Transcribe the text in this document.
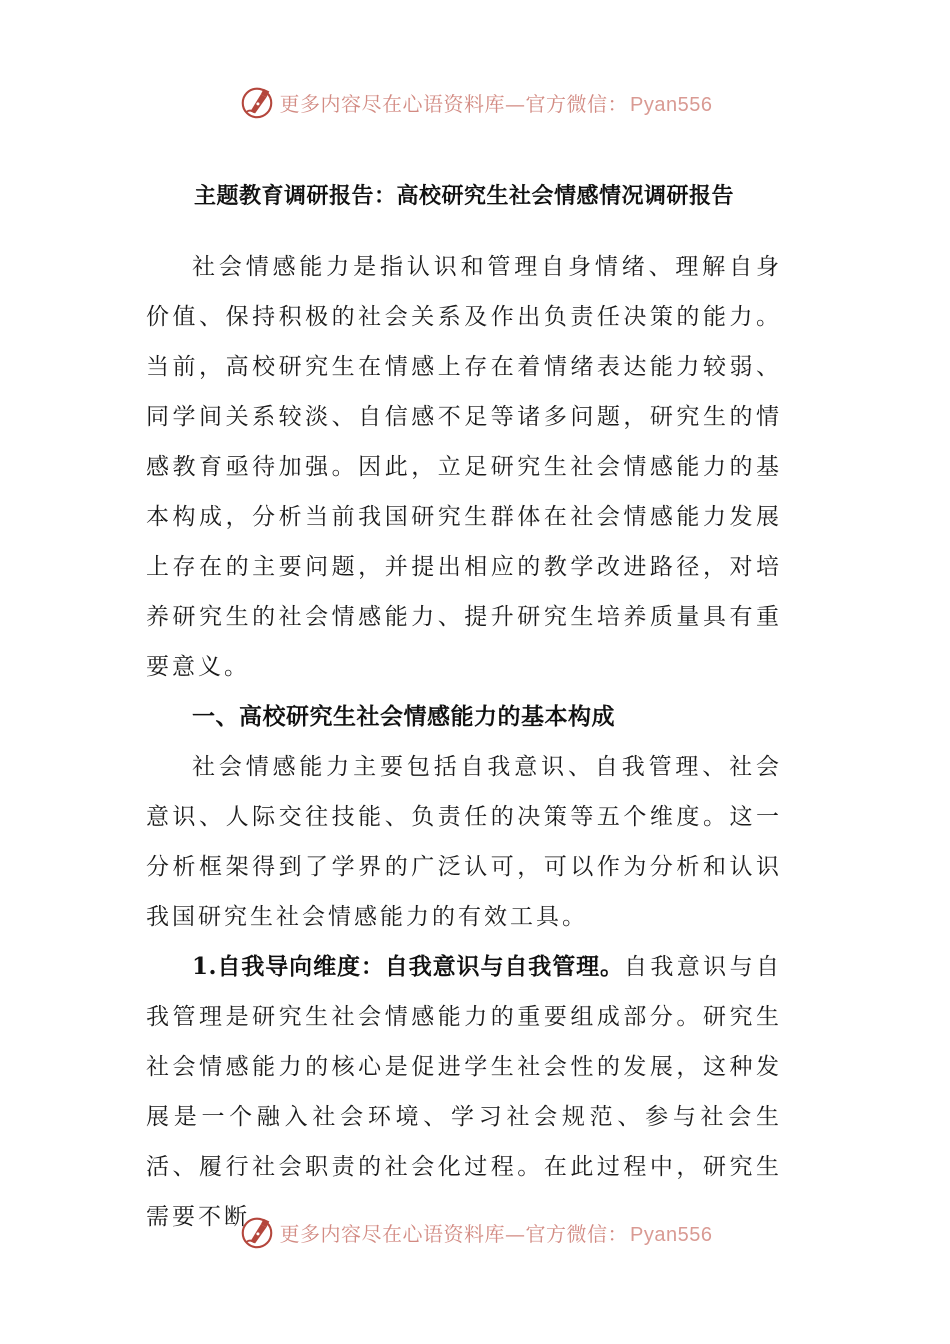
更多内容尽在心语资料库—官方微信： Pyan556
主题教育调研报告：高校研究生社会情感情况调研报告

社会情感能力是指认识和管理自身情绪、理解自身价值、保持积极的社会关系及作出负责任决策的能力。当前，高校研究生在情感上存在着情绪表达能力较弱、同学间关系较淡、自信感不足等诸多问题，研究生的情感教育亟待加强。因此，立足研究生社会情感能力的基本构成，分析当前我国研究生群体在社会情感能力发展上存在的主要问题，并提出相应的教学改进路径，对培养研究生的社会情感能力、提升研究生培养质量具有重要意义。

一、高校研究生社会情感能力的基本构成

社会情感能力主要包括自我意识、自我管理、社会意识、人际交往技能、负责任的决策等五个维度。这一分析框架得到了学界的广泛认可，可以作为分析和认识我国研究生社会情感能力的有效工具。

1.自我导向维度：自我意识与自我管理。自我意识与自我管理是研究生社会情感能力的重要组成部分。研究生社会情感能力的核心是促进学生社会性的发展，这种发展是一个融入社会环境、学习社会规范、参与社会生活、履行社会职责的社会化过程。在此过程中，研究生需要不断

更多内容尽在心语资料库—官方微信： Pyan556
